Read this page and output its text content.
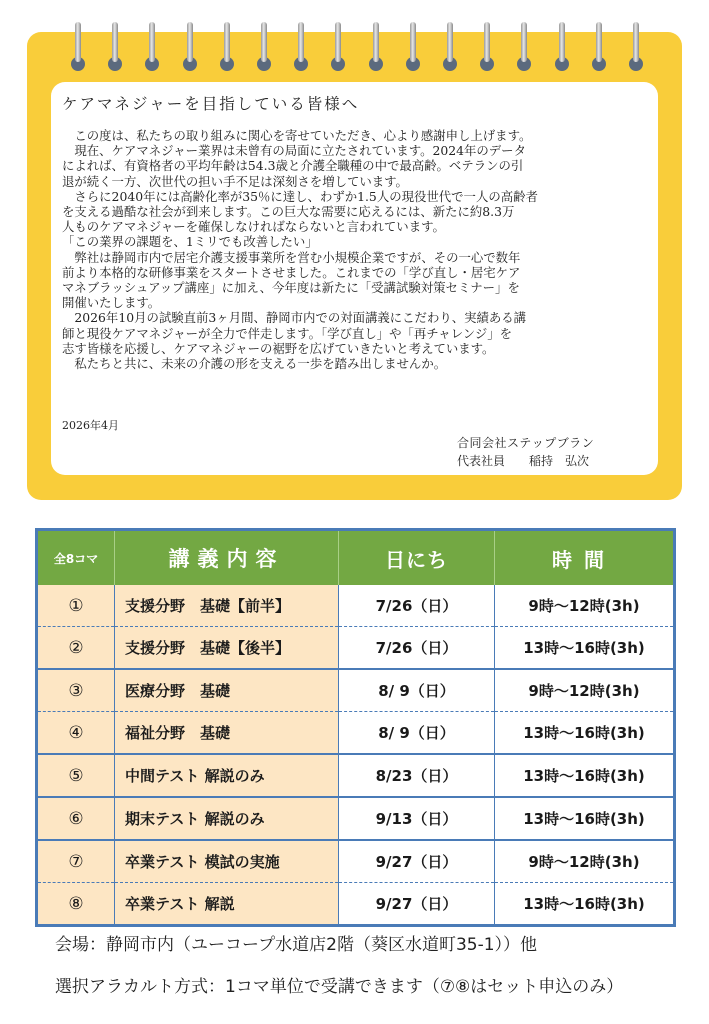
ケアマネジャーを目指している皆様へ

　この度は、私たちの取り組みに関心を寄せていただき、心より感謝申し上げます。

　現在、ケアマネジャー業界は未曾有の局面に立たされています。2024年のデータ

によれば、有資格者の平均年齢は54.3歳と介護全職種の中で最高齢。ベテランの引

退が続く一方、次世代の担い手不足は深刻さを増しています。

　さらに2040年には高齢化率が35％に達し、わずか1.5人の現役世代で一人の高齢者

を支える過酷な社会が到来します。この巨大な需要に応えるには、新たに約8.3万

人ものケアマネジャーを確保しなければならないと言われています。

「この業界の課題を、1ミリでも改善したい」

　弊社は静岡市内で居宅介護支援事業所を営む小規模企業ですが、その一心で数年

前より本格的な研修事業をスタートさせました。これまでの「学び直し・居宅ケア

マネブラッシュアップ講座」に加え、今年度は新たに「受講試験対策セミナー」を

開催いたします。

　2026年10月の試験直前3ヶ月間、静岡市内での対面講義にこだわり、実績ある講

師と現役ケアマネジャーが全力で伴走します。「学び直し」や「再チャレンジ」を

志す皆様を応援し、ケアマネジャーの裾野を広げていきたいと考えています。

　私たちと共に、未来の介護の形を支える一歩を踏み出しませんか。

2026年4月
合同会社ステップブラン
代表社員　　稲持　弘次
全8コマ	講義内容	日にち	時間
①	支援分野　基礎【前半】	7/26（日）	9時～12時(3h)
②	支援分野　基礎【後半】	7/26（日）	13時～16時(3h)
③	医療分野　基礎	8/ 9（日）	9時～12時(3h)
④	福祉分野　基礎	8/ 9（日）	13時～16時(3h)
⑤	中間テスト 解説のみ	8/23（日）	13時～16時(3h)
⑥	期末テスト 解説のみ	9/13（日）	13時～16時(3h)
⑦	卒業テスト 模試の実施	9/27（日）	9時～12時(3h)
⑧	卒業テスト 解説	9/27（日）	13時～16時(3h)
会場：静岡市内（ユーコープ水道店2階（葵区水道町35-1））他
選択アラカルト方式：1コマ単位で受講できます（⑦⑧はセット申込のみ）
